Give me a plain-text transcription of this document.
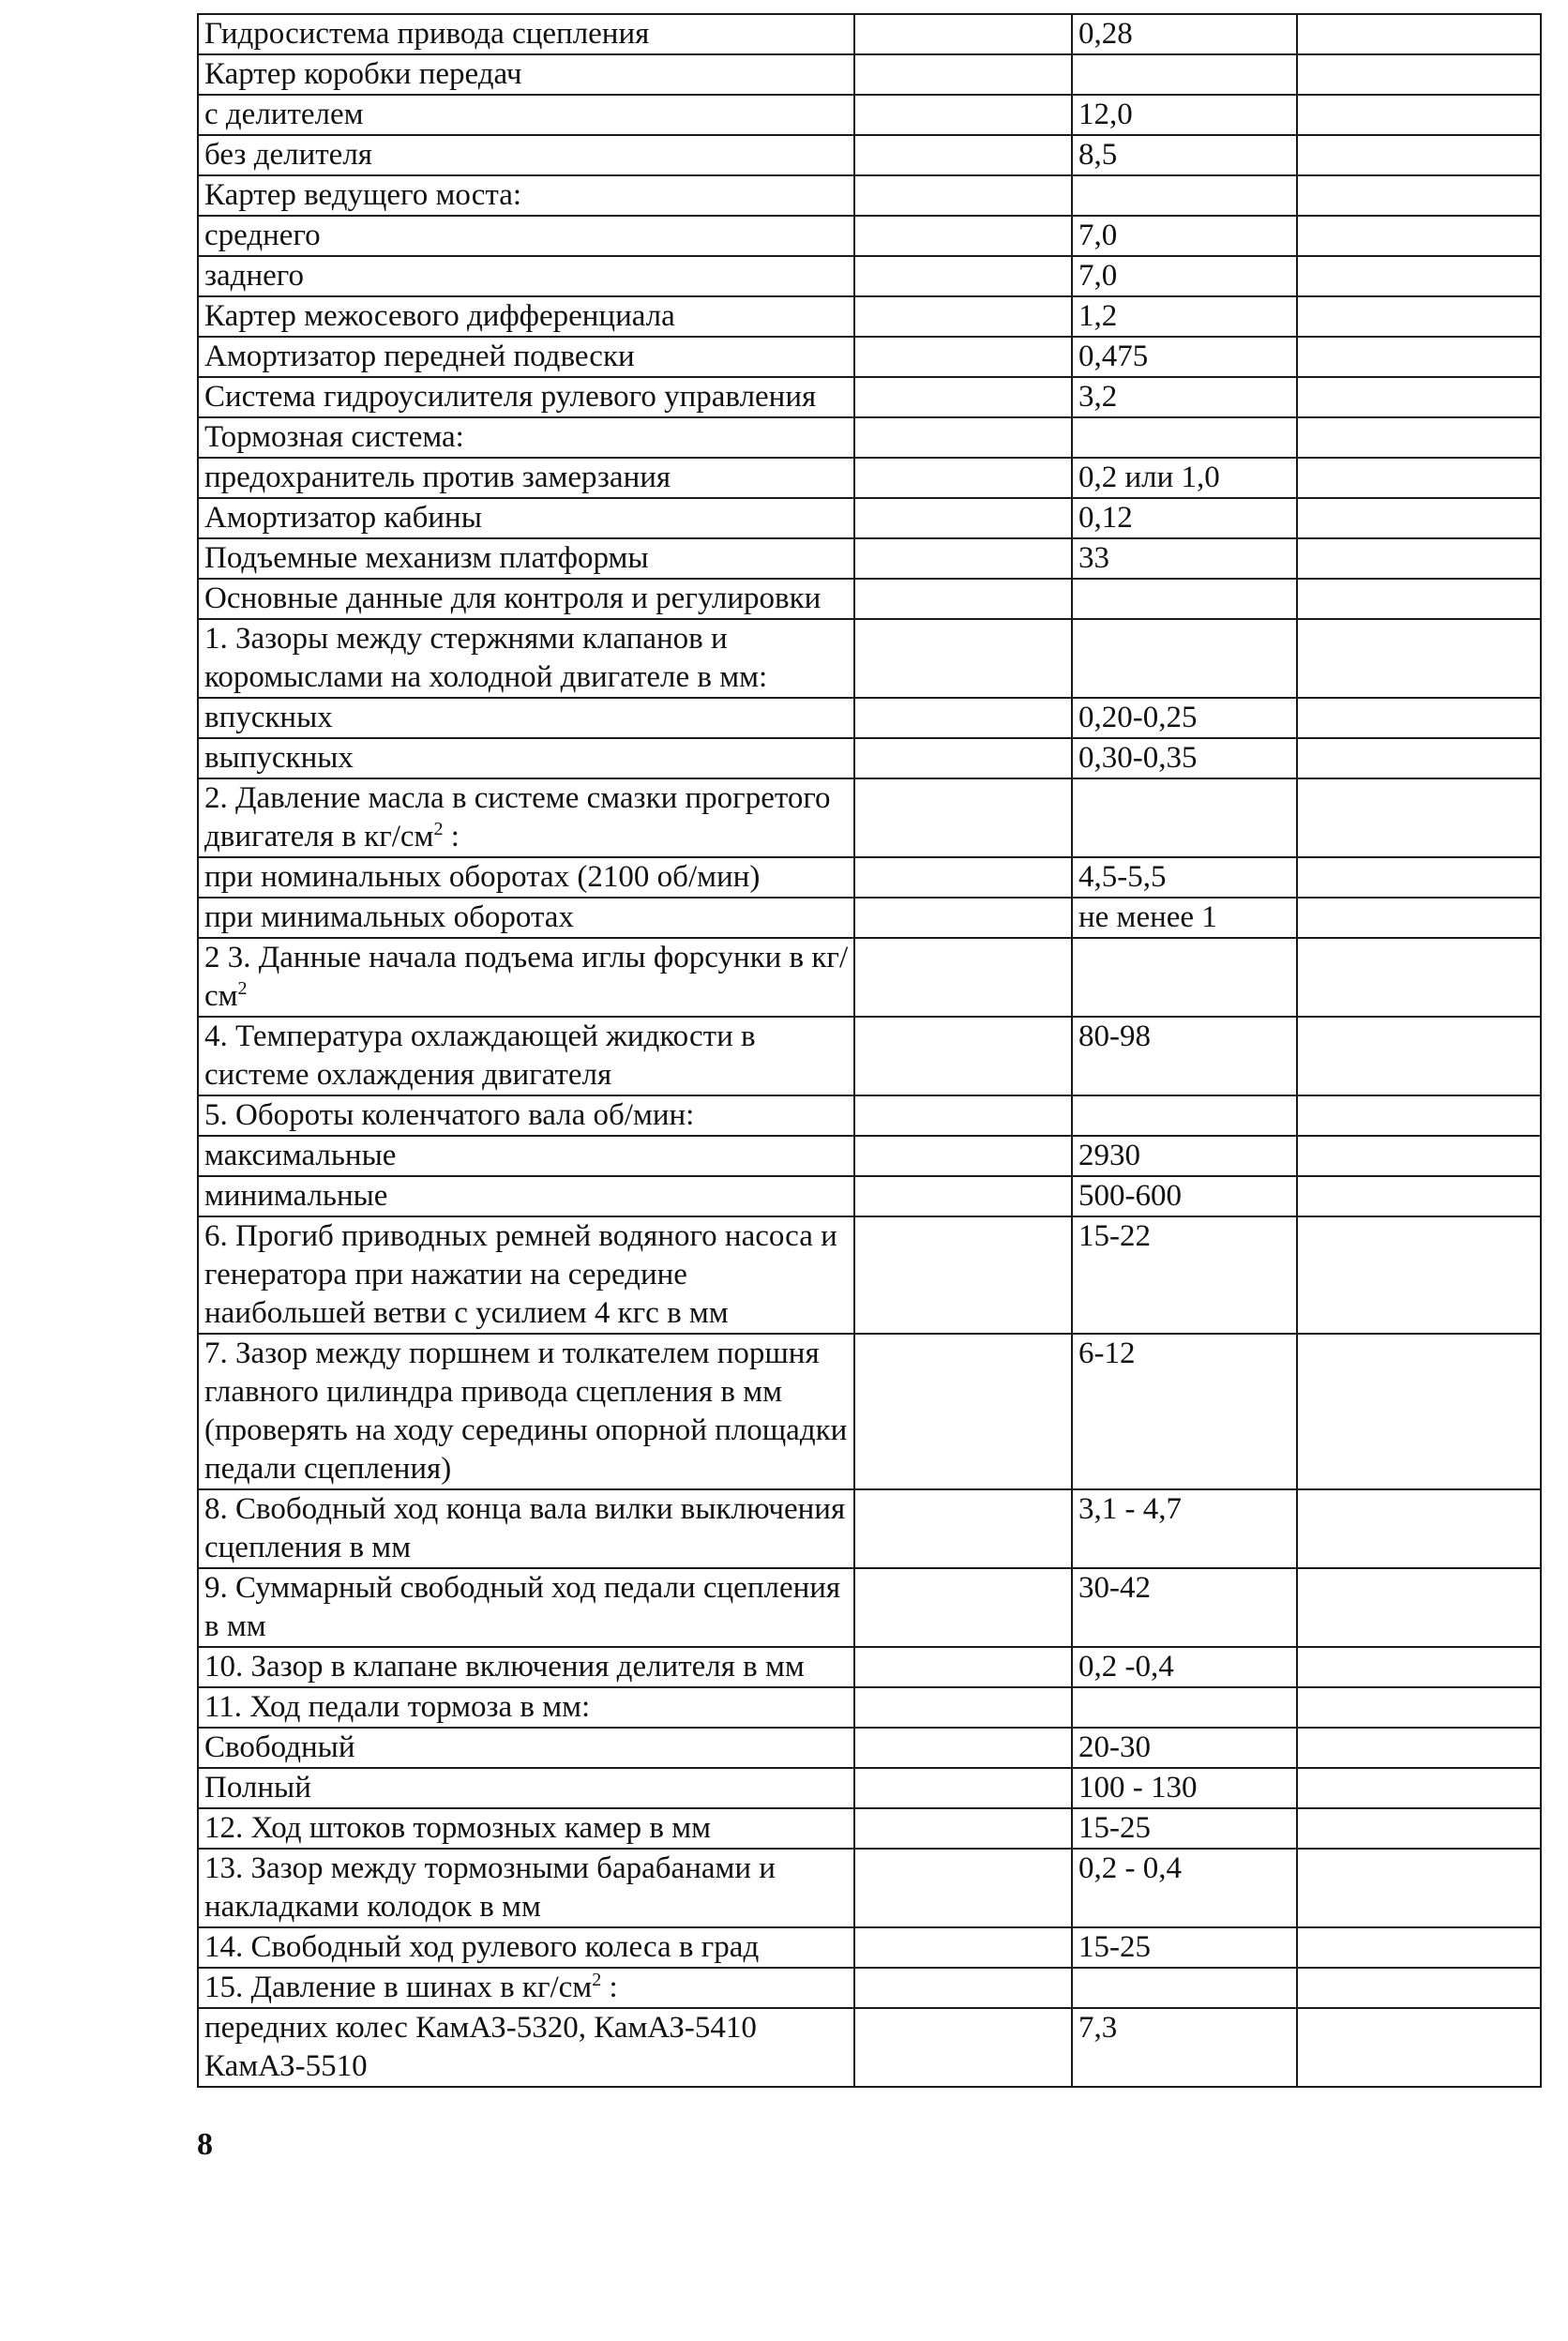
Гидросистема привода сцепления		0,28	
Картер коробки передач			
с делителем		12,0	
без делителя		8,5	
Картер ведущего моста:			
среднего		7,0	
заднего		7,0	
Картер межосевого дифференциала		1,2	
Амортизатор передней подвески		0,475	
Система гидроусилителя рулевого управления		3,2	
Тормозная система:			
предохранитель против замерзания		0,2 или 1,0	
Амортизатор кабины		0,12	
Подъемные механизм платформы		33	
Основные данные для контроля и регулировки			
1. Зазоры между стержнями клапанов и коромыслами на холодной двигателе в мм:			
впускных		0,20-0,25	
выпускных		0,30-0,35	
2. Давление масла в системе смазки прогретого двигателя в $кг/см^2$ :			
при номинальных оборотах (2100 об/мин)		4,5-5,5	
при минимальных оборотах		не менее 1	
2 3. Данные начала подъема иглы форсунки в $кг/см^2$			
4. Температура охлаждающей жидкости в системе охлаждения двигателя		80-98	
5. Обороты коленчатого вала об/мин:			
максимальные		2930	
минимальные		500-600	
6. Прогиб приводных ремней водяного насоса и генератора при нажатии на середине наибольшей ветви с усилием 4 кгс в мм		15-22	
7. Зазор между поршнем и толкателем поршня главного цилиндра привода сцепления в мм (проверять на ходу середины опорной площадки педали сцепления)		6-12	
8. Свободный ход конца вала вилки выключения сцепления в мм		3,1 - 4,7	
9. Суммарный свободный ход педали сцепления в мм		30-42	
10. Зазор в клапане включения делителя в мм		0,2 -0,4	
11. Ход педали тормоза в мм:			
Свободный		20-30	
Полный		100 - 130	
12. Ход штоков тормозных камер в мм		15-25	
13. Зазор между тормозными барабанами и накладками колодок в мм		0,2 - 0,4	
14. Свободный ход рулевого колеса в град		15-25	
15. Давление в шинах в $кг/см^2$ :			
передних колес КамАЗ-5320, КамАЗ-5410 КамАЗ-5510		7,3	
8
